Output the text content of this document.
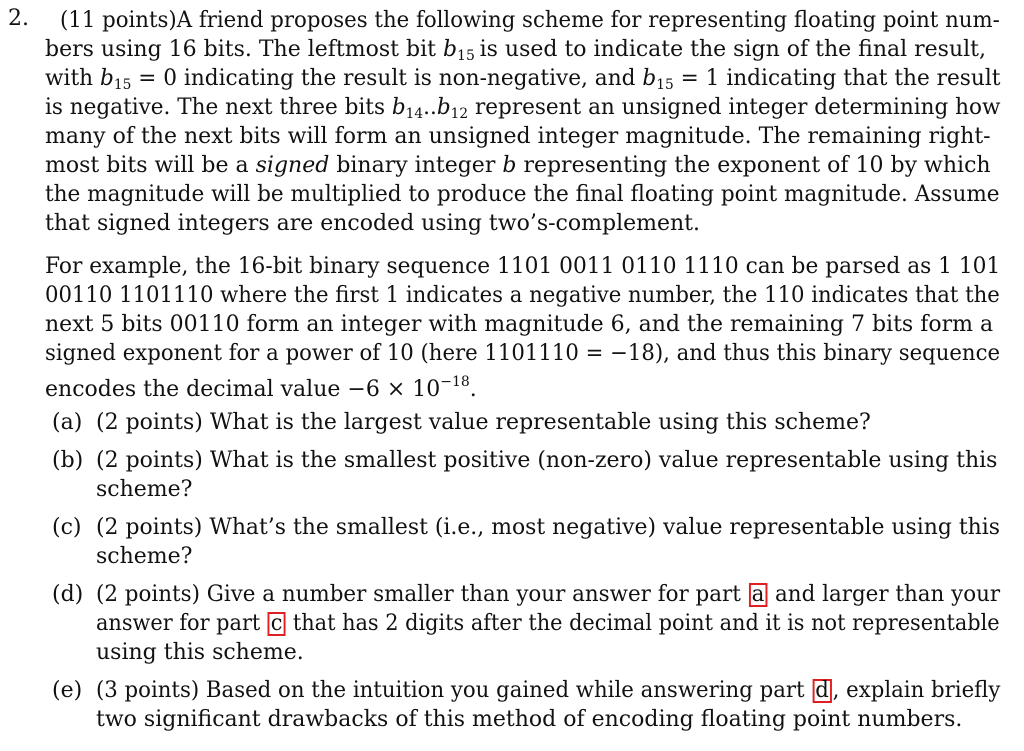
2. (11 points) A friend proposes the following scheme for representing floating point num-
bers using 16 bits. The leftmost bit $b_{15}$ is used to indicate the sign of the final result,
with $b_{15} = 0$ indicating the result is non-negative, and $b_{15} = 1$ indicating that the result
is negative. The next three bits $b_{14}..b_{12}$ represent an unsigned integer determining how
many of the next bits will form an unsigned integer magnitude. The remaining right-
most bits will be a signed binary integer b representing the exponent of 10 by which
the magnitude will be multiplied to produce the final floating point magnitude. Assume
that signed integers are encoded using two’s-complement.
For example, the 16-bit binary sequence 1101 0011 0110 1110 can be parsed as 1 101
00110 1101110 where the first 1 indicates a negative number, the 110 indicates that the
next 5 bits 00110 form an integer with magnitude 6, and the remaining 7 bits form a
signed exponent for a power of 10 (here 1101110 = −18), and thus this binary sequence
encodes the decimal value $-6 \times 10^{-18}$.
(a) (2 points) What is the largest value representable using this scheme?
(b) (2 points) What is the smallest positive (non-zero) value representable using this
scheme?
(c) (2 points) What’s the smallest (i.e., most negative) value representable using this
scheme?
(d) (2 points) Give a number smaller than your answer for part a and larger than your
answer for part c that has 2 digits after the decimal point and it is not representable
using this scheme.
(e) (3 points) Based on the intuition you gained while answering part d , explain briefly
two significant drawbacks of this method of encoding floating point numbers.
